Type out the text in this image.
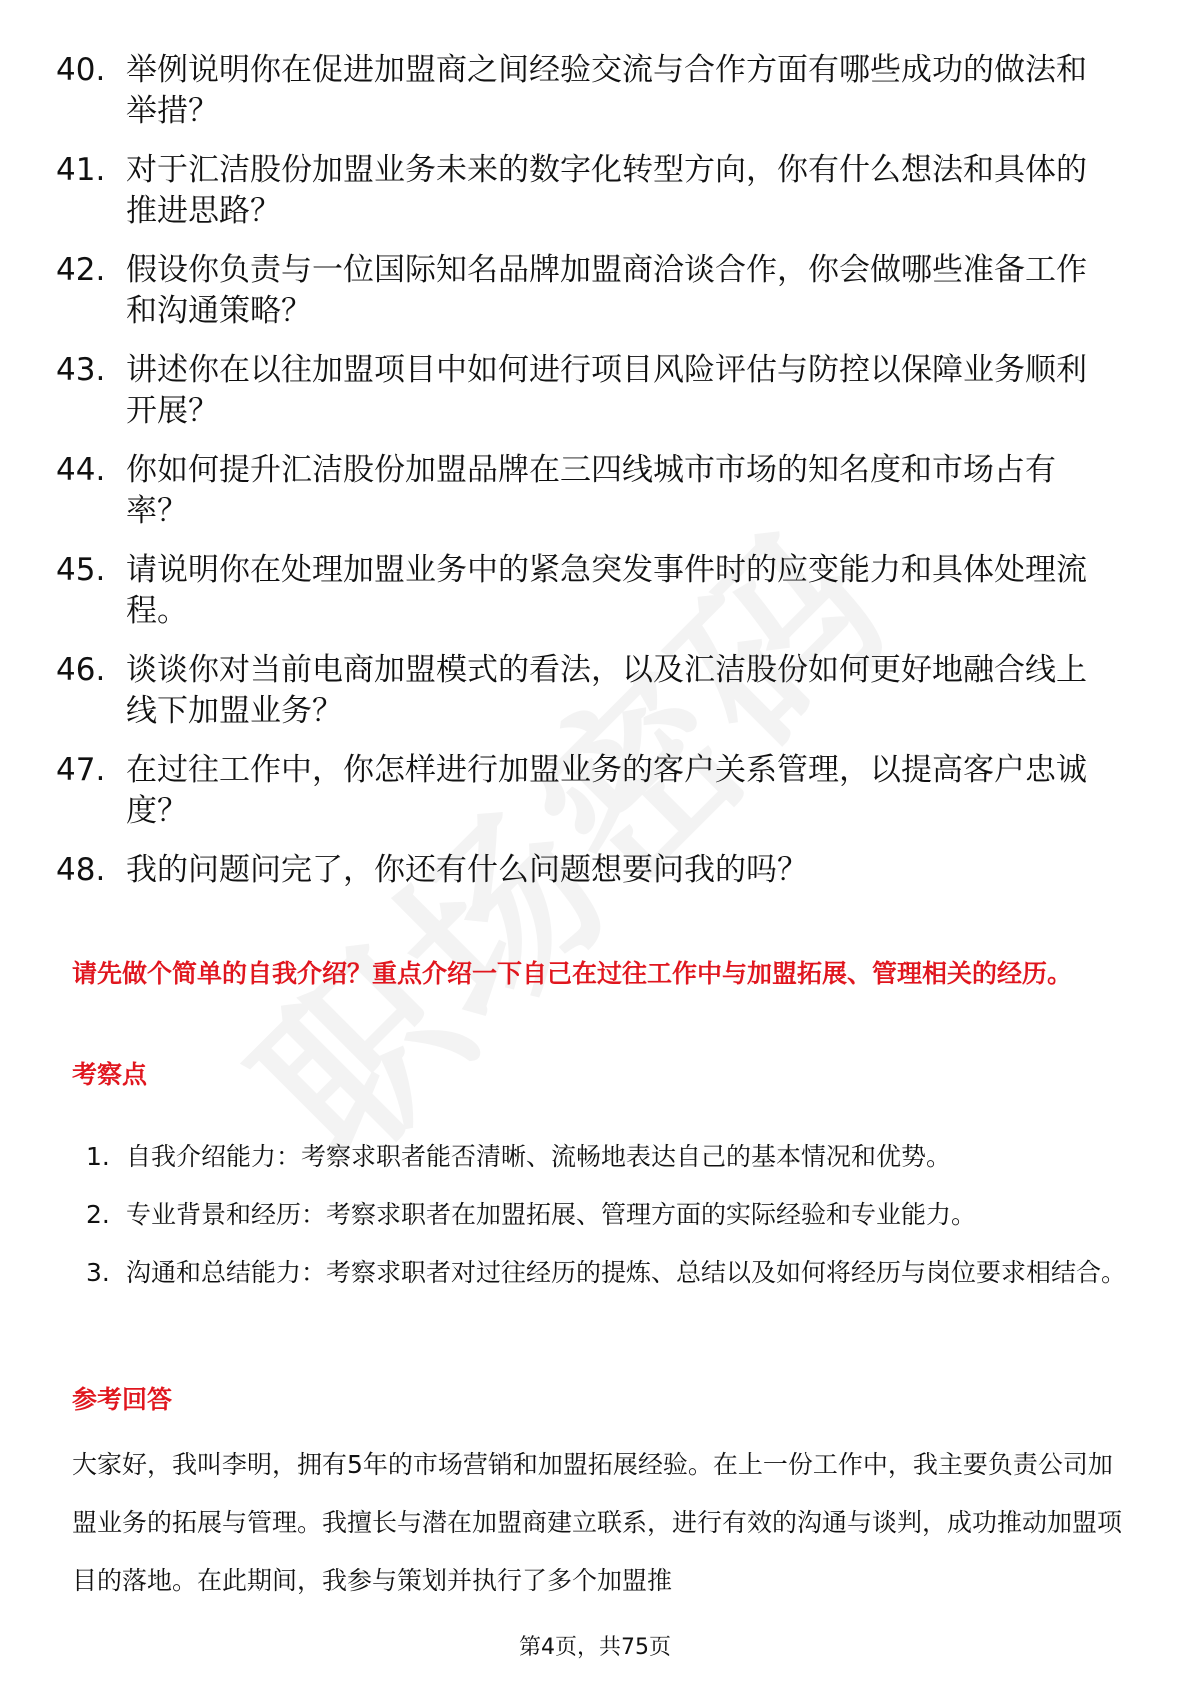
40. 举例说明你在促进加盟商之间经验交流与合作方面有哪些成功的做法和举措？
41. 对于汇洁股份加盟业务未来的数字化转型方向，你有什么想法和具体的推进思路？
42. 假设你负责与一位国际知名品牌加盟商洽谈合作，你会做哪些准备工作和沟通策略？
43. 讲述你在以往加盟项目中如何进行项目风险评估与防控以保障业务顺利开展？
44. 你如何提升汇洁股份加盟品牌在三四线城市市场的知名度和市场占有率？
45. 请说明你在处理加盟业务中的紧急突发事件时的应变能力和具体处理流程。
46. 谈谈你对当前电商加盟模式的看法，以及汇洁股份如何更好地融合线上线下加盟业务？
47. 在过往工作中，你怎样进行加盟业务的客户关系管理，以提高客户忠诚度？
48. 我的问题问完了，你还有什么问题想要问我的吗？
请先做个简单的自我介绍？重点介绍一下自己在过往工作中与加盟拓展、管理相关的经历。
考察点
1. 自我介绍能力：考察求职者能否清晰、流畅地表达自己的基本情况和优势。
2. 专业背景和经历：考察求职者在加盟拓展、管理方面的实际经验和专业能力。
3. 沟通和总结能力：考察求职者对过往经历的提炼、总结以及如何将经历与岗位要求相结合。
参考回答
大家好，我叫李明，拥有5年的市场营销和加盟拓展经验。在上一份工作中，我主要负责公司加盟业务的拓展与管理。我擅长与潜在加盟商建立联系，进行有效的沟通与谈判，成功推动加盟项目的落地。在此期间，我参与策划并执行了多个加盟推
第4页，共75页
